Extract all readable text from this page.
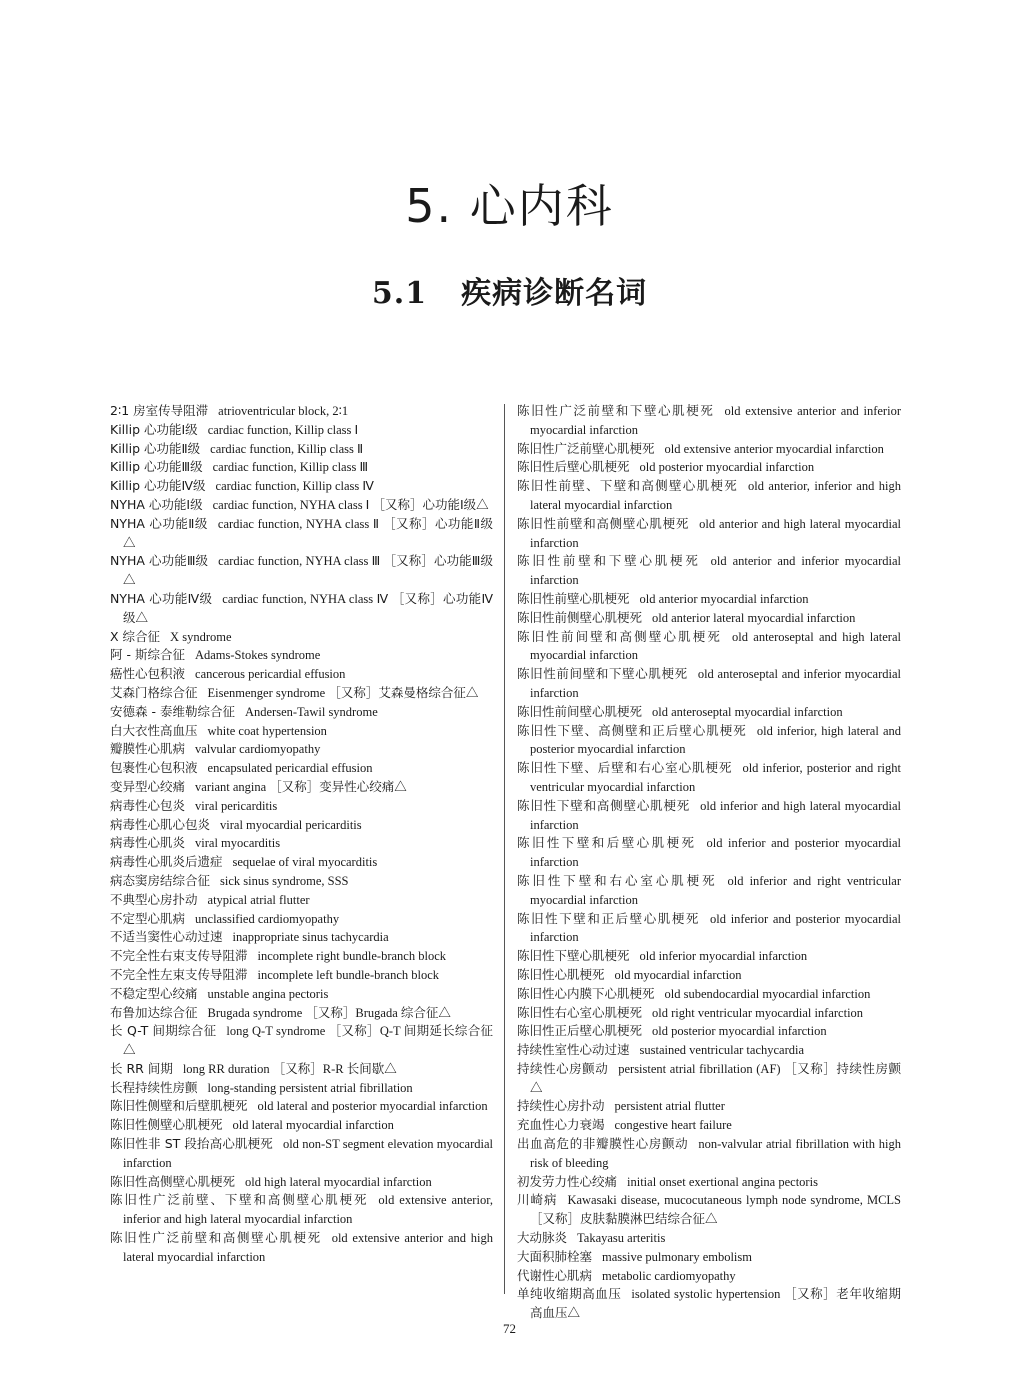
5. 心内科
5.1 疾病诊断名词
2∶1 房室传导阻滞 atrioventricular block, 2∶1
Killip 心功能Ⅰ级 cardiac function, Killip class Ⅰ
Killip 心功能Ⅱ级 cardiac function, Killip class Ⅱ
Killip 心功能Ⅲ级 cardiac function, Killip class Ⅲ
Killip 心功能Ⅳ级 cardiac function, Killip class Ⅳ
NYHA 心功能Ⅰ级 cardiac function, NYHA class Ⅰ ［又称］心功能Ⅰ级△
NYHA 心功能Ⅱ级 cardiac function, NYHA class Ⅱ ［又称］心功能Ⅱ级△
NYHA 心功能Ⅲ级 cardiac function, NYHA class Ⅲ ［又称］心功能Ⅲ级△
NYHA 心功能Ⅳ级 cardiac function, NYHA class Ⅳ ［又称］心功能Ⅳ级△
X 综合征 X syndrome
阿 - 斯综合征 Adams-Stokes syndrome
癌性心包积液 cancerous pericardial effusion
艾森门格综合征 Eisenmenger syndrome ［又称］艾森曼格综合征△
安德森 - 泰维勒综合征 Andersen-Tawil syndrome
白大衣性高血压 white coat hypertension
瓣膜性心肌病 valvular cardiomyopathy
包裹性心包积液 encapsulated pericardial effusion
变异型心绞痛 variant angina ［又称］变异性心绞痛△
病毒性心包炎 viral pericarditis
病毒性心肌心包炎 viral myocardial pericarditis
病毒性心肌炎 viral myocarditis
病毒性心肌炎后遗症 sequelae of viral myocarditis
病态窦房结综合征 sick sinus syndrome, SSS
不典型心房扑动 atypical atrial flutter
不定型心肌病 unclassified cardiomyopathy
不适当窦性心动过速 inappropriate sinus tachycardia
不完全性右束支传导阻滞 incomplete right bundle-branch block
不完全性左束支传导阻滞 incomplete left bundle-branch block
不稳定型心绞痛 unstable angina pectoris
布鲁加达综合征 Brugada syndrome ［又称］Brugada 综合征△
长 Q-T 间期综合征 long Q-T syndrome ［又称］Q-T 间期延长综合征△
长 RR 间期 long RR duration ［又称］R-R 长间歇△
长程持续性房颤 long-standing persistent atrial fibrillation
陈旧性侧壁和后壁肌梗死 old lateral and posterior myocardial infarction
陈旧性侧壁心肌梗死 old lateral myocardial infarction
陈旧性非 ST 段抬高心肌梗死 old non-ST segment elevation myocardial infarction
陈旧性高侧壁心肌梗死 old high lateral myocardial infarction
陈旧性广泛前壁、下壁和高侧壁心肌梗死 old extensive anterior, inferior and high lateral myocardial infarction
陈旧性广泛前壁和高侧壁心肌梗死 old extensive anterior and high lateral myocardial infarction
陈旧性广泛前壁和下壁心肌梗死 old extensive anterior and inferior myocardial infarction
陈旧性广泛前壁心肌梗死 old extensive anterior myocardial infarction
陈旧性后壁心肌梗死 old posterior myocardial infarction
陈旧性前壁、下壁和高侧壁心肌梗死 old anterior, inferior and high lateral myocardial infarction
陈旧性前壁和高侧壁心肌梗死 old anterior and high lateral myocardial infarction
陈旧性前壁和下壁心肌梗死 old anterior and inferior myocardial infarction
陈旧性前壁心肌梗死 old anterior myocardial infarction
陈旧性前侧壁心肌梗死 old anterior lateral myocardial infarction
陈旧性前间壁和高侧壁心肌梗死 old anteroseptal and high lateral myocardial infarction
陈旧性前间壁和下壁心肌梗死 old anteroseptal and inferior myocardial infarction
陈旧性前间壁心肌梗死 old anteroseptal myocardial infarction
陈旧性下壁、高侧壁和正后壁心肌梗死 old inferior, high lateral and posterior myocardial infarction
陈旧性下壁、后壁和右心室心肌梗死 old inferior, posterior and right ventricular myocardial infarction
陈旧性下壁和高侧壁心肌梗死 old inferior and high lateral myocardial infarction
陈旧性下壁和后壁心肌梗死 old inferior and posterior myocardial infarction
陈旧性下壁和右心室心肌梗死 old inferior and right ventricular myocardial infarction
陈旧性下壁和正后壁心肌梗死 old inferior and posterior myocardial infarction
陈旧性下壁心肌梗死 old inferior myocardial infarction
陈旧性心肌梗死 old myocardial infarction
陈旧性心内膜下心肌梗死 old subendocardial myocardial infarction
陈旧性右心室心肌梗死 old right ventricular myocardial infarction
陈旧性正后壁心肌梗死 old posterior myocardial infarction
持续性室性心动过速 sustained ventricular tachycardia
持续性心房颤动 persistent atrial fibrillation (AF) ［又称］持续性房颤△
持续性心房扑动 persistent atrial flutter
充血性心力衰竭 congestive heart failure
出血高危的非瓣膜性心房颤动 non-valvular atrial fibrillation with high risk of bleeding
初发劳力性心绞痛 initial onset exertional angina pectoris
川崎病 Kawasaki disease, mucocutaneous lymph node syndrome, MCLS ［又称］皮肤黏膜淋巴结综合征△
大动脉炎 Takayasu arteritis
大面积肺栓塞 massive pulmonary embolism
代谢性心肌病 metabolic cardiomyopathy
单纯收缩期高血压 isolated systolic hypertension ［又称］老年收缩期高血压△
72
